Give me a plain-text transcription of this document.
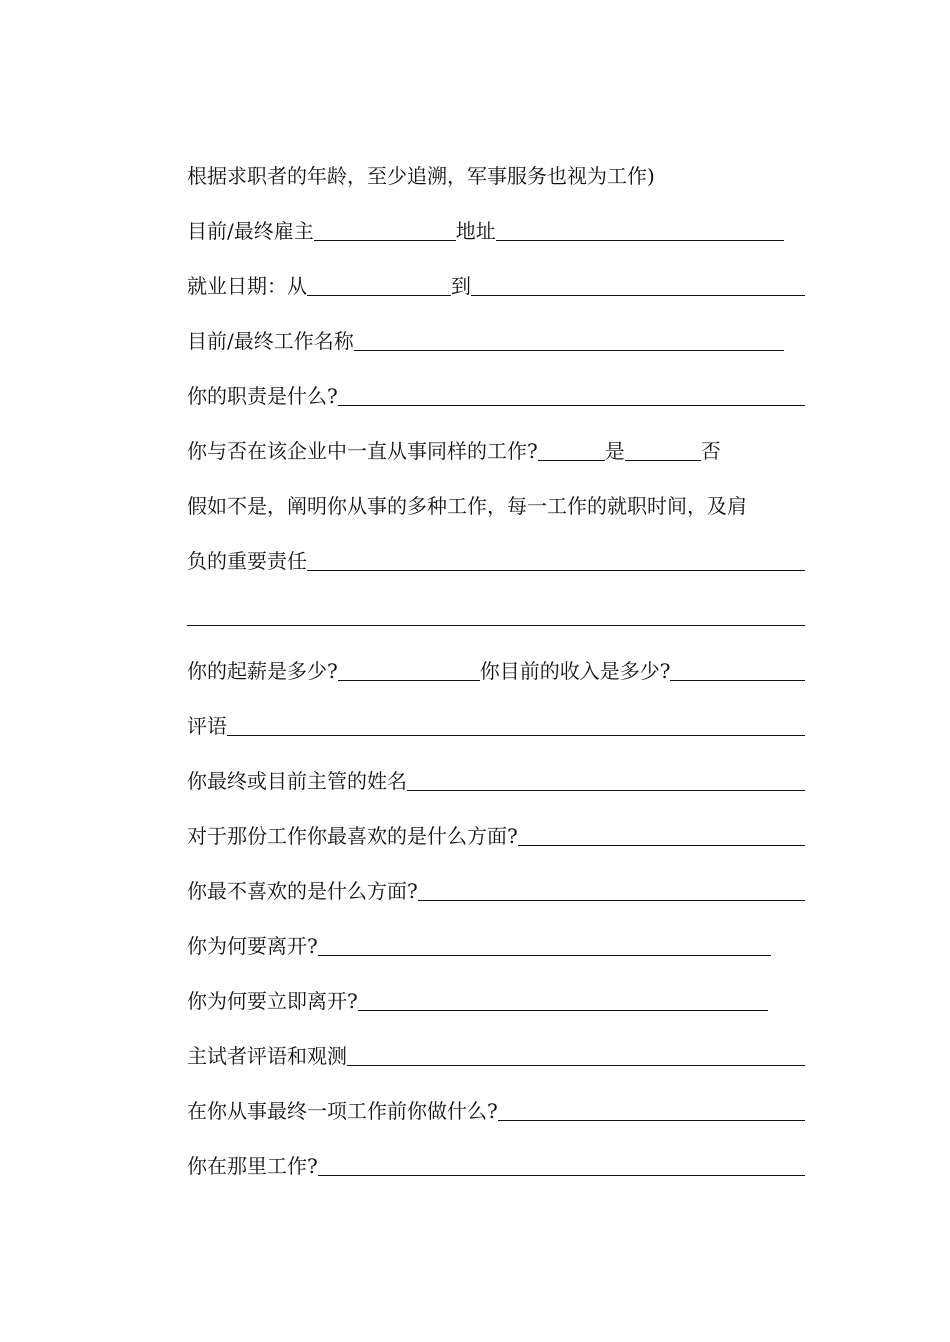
根据求职者的年龄，至少追溯，军事服务也视为工作)
目前/最终雇主	地址
就业日期：从	到
目前/最终工作名称
你的职责是什么?
你与否在该企业中一直从事同样的工作?	是	否
假如不是，阐明你从事的多种工作，每一工作的就职时间，及肩
负的重要责任
你的起薪是多少?	你目前的收入是多少?
评语
你最终或目前主管的姓名
对于那份工作你最喜欢的是什么方面?
你最不喜欢的是什么方面?
你为何要离开?
你为何要立即离开?
主试者评语和观测
在你从事最终一项工作前你做什么?
你在那里工作?
